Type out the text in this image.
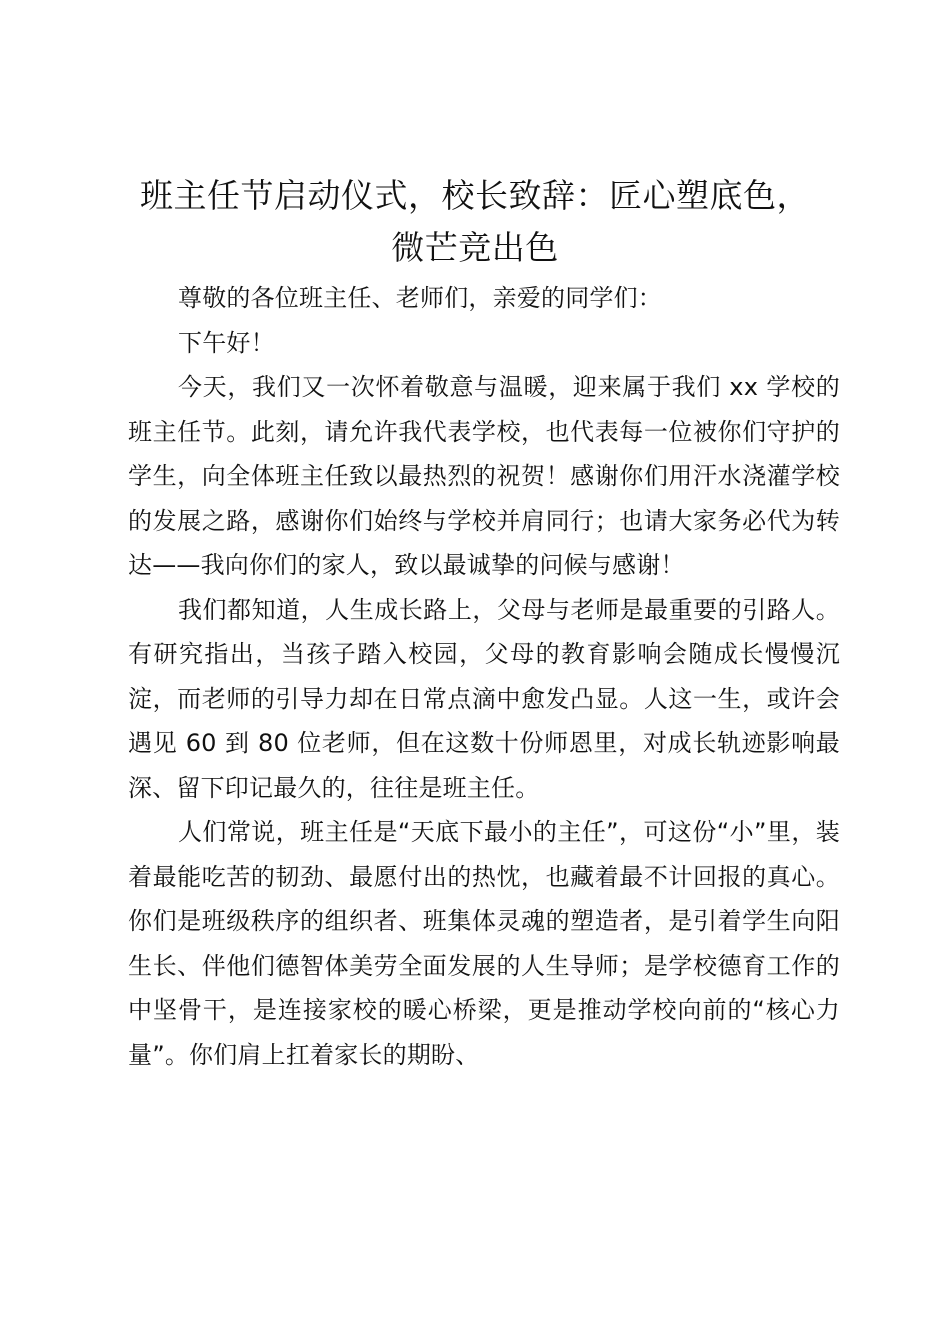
班主任节启动仪式，校长致辞：匠心塑底色，
微芒竞出色

尊敬的各位班主任、老师们，亲爱的同学们：

下午好！

今天，我们又一次怀着敬意与温暖，迎来属于我们 xx 学校的班主任节。此刻，请允许我代表学校，也代表每一位被你们守护的学生，向全体班主任致以最热烈的祝贺！感谢你们用汗水浇灌学校的发展之路，感谢你们始终与学校并肩同行；也请大家务必代为转达——我向你们的家人，致以最诚挚的问候与感谢！

我们都知道，人生成长路上，父母与老师是最重要的引路人。有研究指出，当孩子踏入校园，父母的教育影响会随成长慢慢沉淀，而老师的引导力却在日常点滴中愈发凸显。人这一生，或许会遇见 60 到 80 位老师，但在这数十份师恩里，对成长轨迹影响最深、留下印记最久的，往往是班主任。

人们常说，班主任是“天底下最小的主任”，可这份“小”里，装着最能吃苦的韧劲、最愿付出的热忱，也藏着最不计回报的真心。你们是班级秩序的组织者、班集体灵魂的塑造者，是引着学生向阳生长、伴他们德智体美劳全面发展的人生导师；是学校德育工作的中坚骨干，是连接家校的暖心桥梁，更是推动学校向前的“核心力量”。你们肩上扛着家长的期盼、
